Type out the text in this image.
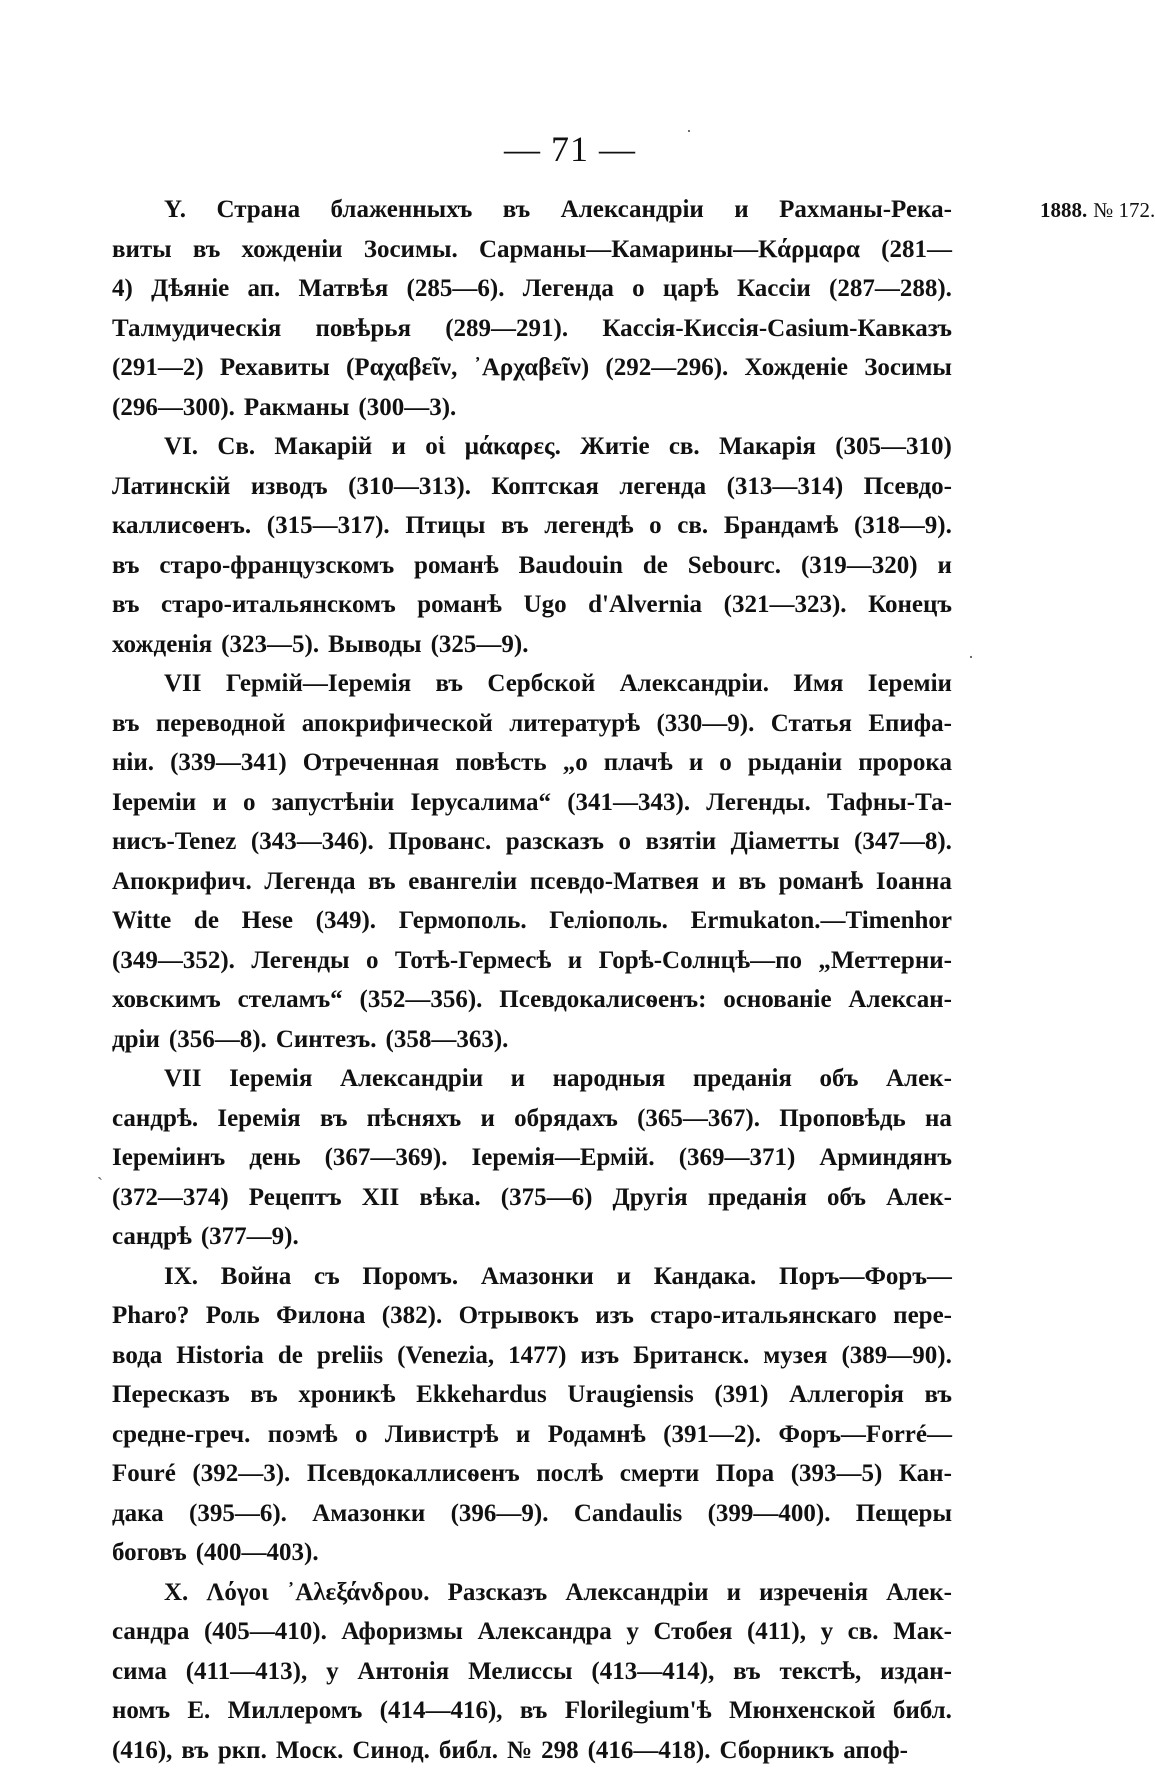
— 71 —
1888. № 172.
·
·
`
Y. Страна блаженныхъ въ Александріи и Рахманы-Река-
виты въ хожденіи Зосимы. Сарманы—Камарины—Κάρμαρα (281—
4) Дѣяніе ап. Матвѣя (285—6). Легенда о царѣ Кассіи (287—288).
Талмудическія повѣрья (289—291). Кассія-Киссія-Casium-Кавказъ
(291—2) Рехавиты (Ραχαβεῖν, ᾿Αρχαβεῖν) (292—296). Хожденіе Зосимы
(296—300). Ракманы (300—3).
VI. Св. Макарій и οἱ μάκαρες. Житіе св. Макарія (305—310)
Латинскій изводъ (310—313). Коптская легенда (313—314) Псевдо-
каллисѳенъ. (315—317). Птицы въ легендѣ о св. Брандамѣ (318—9).
въ старо-французскомъ романѣ Baudouin de Sebourc. (319—320) и
въ старо-итальянскомъ романѣ Ugo d'Alvernia (321—323). Конецъ
хожденія (323—5). Выводы (325—9).
VII Гермій—Іеремія въ Сербской Александріи. Имя Іереміи
въ переводной апокрифической литературѣ (330—9). Статья Епифа-
ніи. (339—341) Отреченная повѣсть „о плачѣ и о рыданіи пророка
Іереміи и о запустѣніи Іерусалима“ (341—343). Легенды. Тафны-Та-
нисъ-Tenez (343—346). Прованс. разсказъ о взятіи Діаметты (347—8).
Апокрифич. Легенда въ евангеліи псевдо-Матвея и въ романѣ Іоанна
Witte de Hese (349). Гермополь. Геліополь. Ermukaton.—Timenhor
(349—352). Легенды о Тотѣ-Гермесѣ и Горѣ-Солнцѣ—по „Меттерни-
ховскимъ стеламъ“ (352—356). Псевдокалисѳенъ: основаніе Алексан-
дріи (356—8). Синтезъ. (358—363).
VII Іеремія Александріи и народныя преданія объ Алек-
сандрѣ. Іеремія въ пѣсняхъ и обрядахъ (365—367). Проповѣдь на
Іереміинъ день (367—369). Іеремія—Ермій. (369—371) Арминдянъ
(372—374) Рецептъ XII вѣка. (375—6) Другія преданія объ Алек-
сандрѣ (377—9).
IX. Война съ Поромъ. Амазонки и Кандака. Поръ—Форъ—
Pharo? Роль Филона (382). Отрывокъ изъ старо-итальянскаго пере-
вода Historia de preliis (Venezia, 1477) изъ Британск. музея (389—90).
Пересказъ въ хроникѣ Ekkehardus Uraugiensis (391) Аллегорія въ
средне-греч. поэмѣ о Ливистрѣ и Родамнѣ (391—2). Форъ—Forré—
Fouré (392—3). Псевдокаллисѳенъ послѣ смерти Пора (393—5) Кан-
дака (395—6). Амазонки (396—9). Candaulis (399—400). Пещеры
боговъ (400—403).
X. Λόγοι ᾿Αλεξάνδρου. Разсказъ Александріи и изреченія Алек-
сандра (405—410). Афоризмы Александра у Стобея (411), у св. Мак-
сима (411—413), у Антонія Мелиссы (413—414), въ текстѣ, издан-
номъ Е. Миллеромъ (414—416), въ Florilegium'ѣ Мюнхенской библ.
(416), въ ркп. Моск. Синод. библ. № 298 (416—418). Сборникъ апоф-
